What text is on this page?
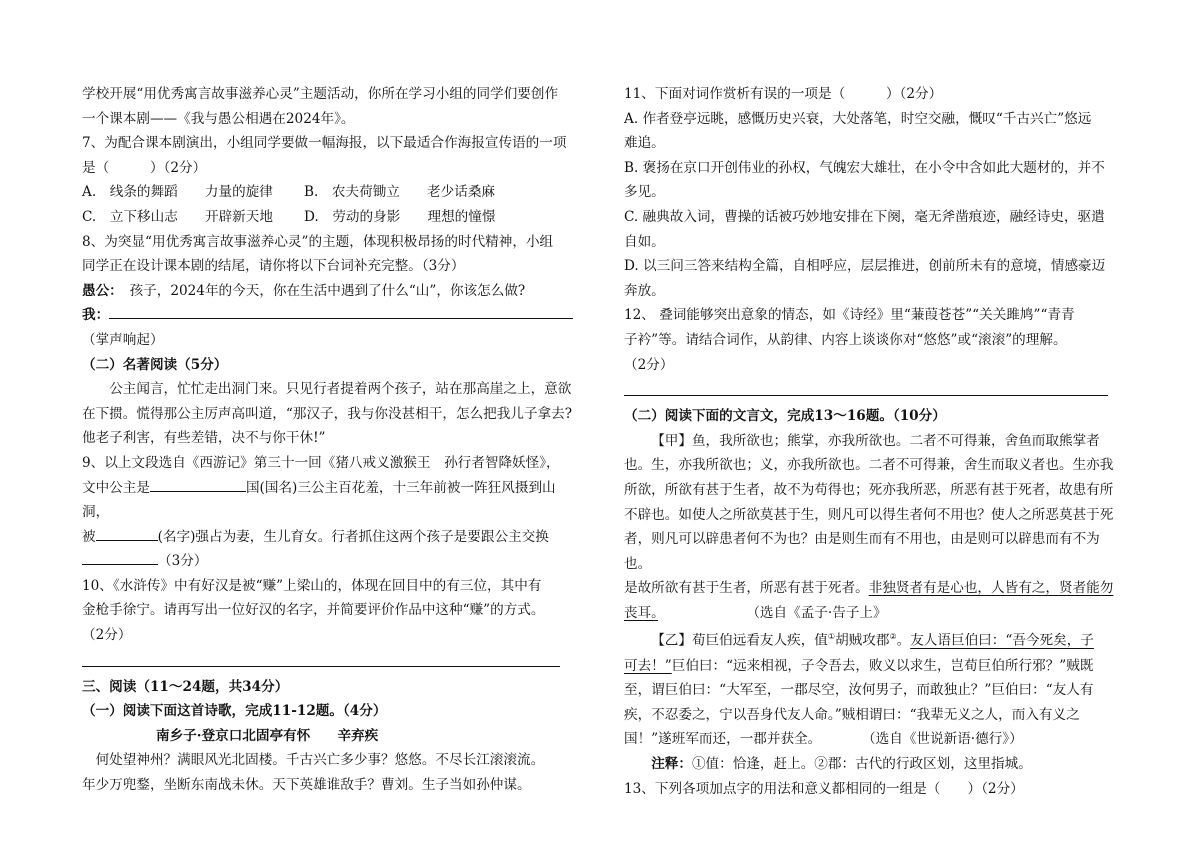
学校开展“用优秀寓言故事滋养心灵”主题活动，你所在学习小组的同学们要创作

一个课本剧——《我与愚公相遇在2024年》。

7、为配合课本剧演出，小组同学要做一幅海报，以下最适合作海报宣传语的一项

是（　　　）（2分）

A.　线条的舞蹈　　力量的旋律 B.　农夫荷锄立　　老少话桑麻

C.　立下移山志　　开辟新天地 D.　劳动的身影　　理想的憧憬

8、为突显“用优秀寓言故事滋养心灵”的主题，体现积极昂扬的时代精神，小组

同学正在设计课本剧的结尾，请你将以下台词补充完整。（3分）

愚公：　孩子，2024年的今天，你在生活中遇到了什么“山”，你该怎么做?

我：

（掌声响起）

（二）名著阅读（5分）

公主闻言，忙忙走出洞门来。只见行者提着两个孩子，站在那高崖之上，意欲

在下掼。慌得那公主厉声高叫道，“那汉子，我与你没甚相干，怎么把我儿子拿去?

他老子利害，有些差错，决不与你干休!”

9、以上文段选自《西游记》第三十一回《猪八戒义激猴王　孙行者智降妖怪》，

文中公主是	国(国名)三公主百花羞，十三年前被一阵狂风摄到山洞，

被	(名字)强占为妻，生儿育女。行者抓住这两个孩子是要跟公主交换

（3分）

10、《水浒传》中有好汉是被“赚”上梁山的，体现在回目中的有三位，其中有

金枪手徐宁。请再写出一位好汉的名字，并简要评价作品中这种“赚”的方式。

（2分）

三、阅读（11～24题，共34分）

（一）阅读下面这首诗歌，完成11-12题。（4分）

南乡子·登京口北固亭有怀　　辛弃疾

何处望神州？满眼风光北固楼。千古兴亡多少事？悠悠。不尽长江滚滚流。

年少万兜鍪，坐断东南战未休。天下英雄谁敌手？曹刘。生子当如孙仲谋。

11、下面对词作赏析有误的一项是（　　　）（2分）

A. 作者登亭远眺，感慨历史兴衰，大处落笔，时空交融，慨叹“千古兴亡”悠远

难追。

B. 褒扬在京口开创伟业的孙权，气魄宏大雄壮，在小令中含如此大题材的，并不

多见。

C. 融典故入词，曹操的话被巧妙地安排在下阕，毫无斧凿痕迹，融经诗史，驱遣

自如。

D. 以三问三答来结构全篇，自相呼应，层层推进，创前所未有的意境，情感豪迈

奔放。

12、 叠词能够突出意象的情态，如《诗经》里“蒹葭苍苍”“关关雎鸠”“青青

子衿”等。请结合词作，从韵律、内容上谈谈你对“悠悠”或“滚滚”的理解。

（2分）

（二）阅读下面的文言文，完成13～16题。（10分）

【甲】鱼，我所欲也；熊掌，亦我所欲也。二者不可得兼，舍鱼而取熊掌者

也。生，亦我所欲也；义，亦我所欲也。二者不可得兼，舍生而取义者也。生亦我

所欲，所欲有甚于生者，故不为苟得也；死亦我所恶，所恶有甚于死者，故患有所

不辟也。如使人之所欲莫甚于生，则凡可以得生者何不用也？使人之所恶莫甚于死

者，则凡可以辟患者何不为也？由是则生而有不用也，由是则可以辟患而有不为也。

是故所欲有甚于生者，所恶有甚于死者。非独贤者有是心也，人皆有之，贤者能勿

丧耳。　　　　　　　（选自《孟子·告子上》

【乙】荀巨伯远看友人疾，值①胡贼攻郡②。友人语巨伯曰：“吾今死矣，子

可去！”巨伯曰：“远来相视，子令吾去，败义以求生，岂荀巨伯所行邪？”贼既

至，谓巨伯曰：“大军至，一郡尽空，汝何男子，而敢独止？”巨伯曰：“友人有

疾，不忍委之，宁以吾身代友人命。”贼相谓曰：“我辈无义之人，而入有义之

国！”遂班军而还，一郡并获全。　　　　（选自《世说新语·德行》）

注释：①值：恰逢，赶上。②郡：古代的行政区划，这里指城。

13、下列各项加点字的用法和意义都相同的一组是（　　）（2分）
